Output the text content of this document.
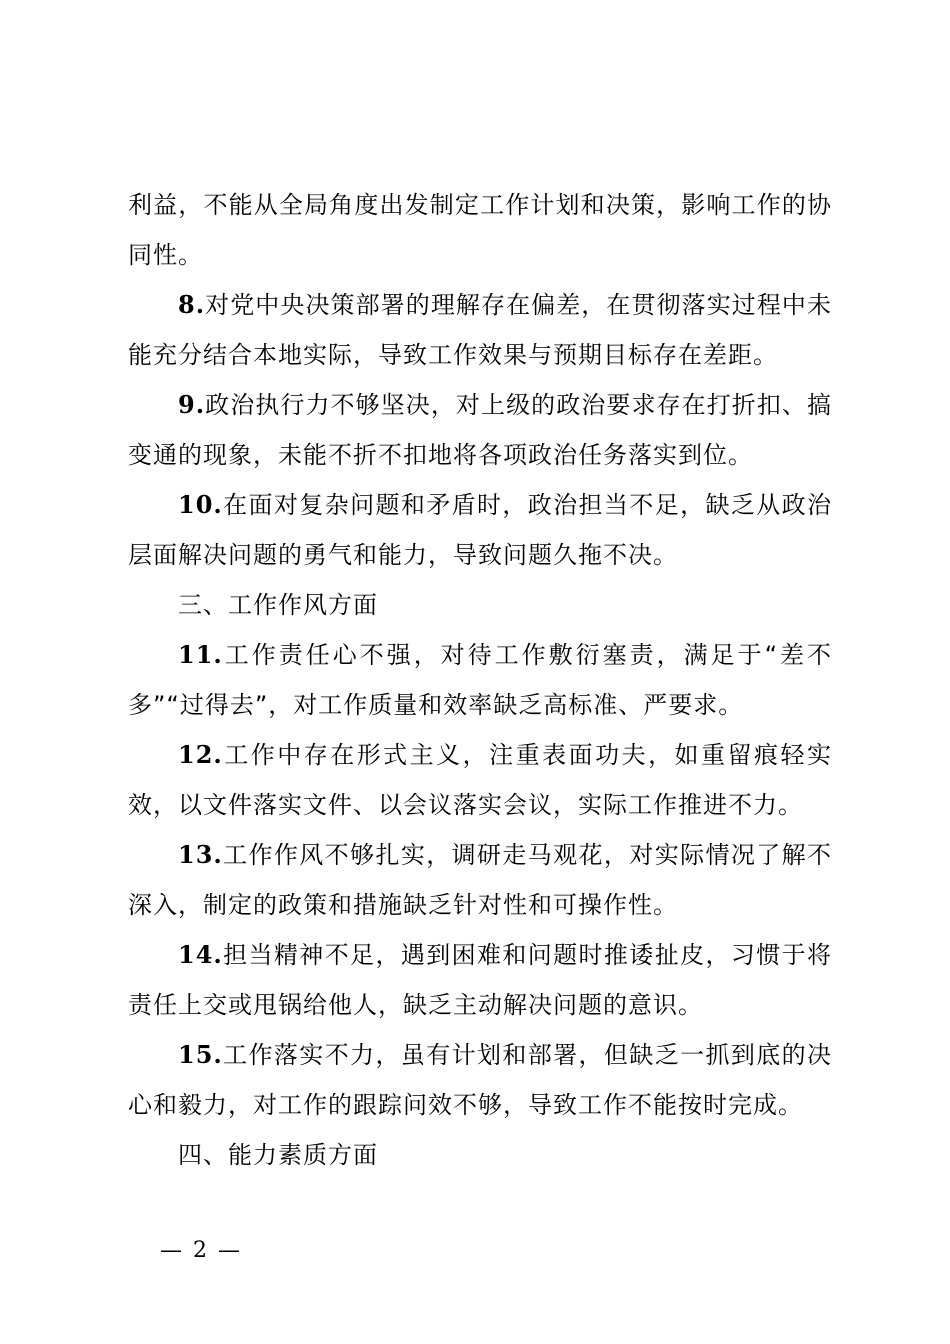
利益，不能从全局角度出发制定工作计划和决策，影响工作的协同性。

8.对党中央决策部署的理解存在偏差，在贯彻落实过程中未能充分结合本地实际，导致工作效果与预期目标存在差距。

9.政治执行力不够坚决，对上级的政治要求存在打折扣、搞变通的现象，未能不折不扣地将各项政治任务落实到位。

10.在面对复杂问题和矛盾时，政治担当不足，缺乏从政治层面解决问题的勇气和能力，导致问题久拖不决。

三、工作作风方面

11.工作责任心不强，对待工作敷衍塞责，满足于“差不多”“过得去”，对工作质量和效率缺乏高标准、严要求。

12.工作中存在形式主义，注重表面功夫，如重留痕轻实效，以文件落实文件、以会议落实会议，实际工作推进不力。

13.工作作风不够扎实，调研走马观花，对实际情况了解不深入，制定的政策和措施缺乏针对性和可操作性。

14.担当精神不足，遇到困难和问题时推诿扯皮，习惯于将责任上交或甩锅给他人，缺乏主动解决问题的意识。

15.工作落实不力，虽有计划和部署，但缺乏一抓到底的决心和毅力，对工作的跟踪问效不够，导致工作不能按时完成。

四、能力素质方面

— 2 —
